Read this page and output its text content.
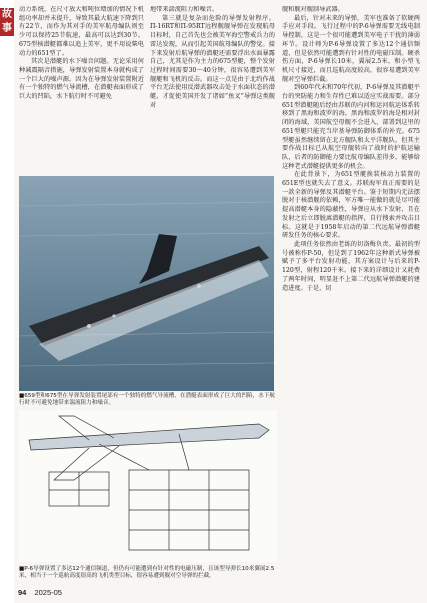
故事

动力系统，在尺寸放大和吨位增加的情况下机组功率却并未提升，导致其最大航速下降到只有22节，而作为其对手的美军航母编队则至少可以保持25节航速，最高可以达到30节。675型核潜艇都难以追上美军，更不用说柴电动力的651型了。

其次是潜艇的水下噪音问题。无论采用何种减震隔音措施，导弹发射装置本身就构成了一个巨大的噪声源。因为在导弹发射装置附近有一个独特的燃气导流槽，在潜艇表面形成了巨大的凹陷，水下航行时不可避免

地带来湍流阻力和噪音。

第三就是复杂而危险的导弹发射程序。П-16RT和П-95RT远程舰舰导弹在发现航母目标时，自己首先也会被美军海空警戒兵力的雷达发现，从而引起美国航母编队的警觉。接下来发射后航导弹的潜艇还需要浮出水面暴露自己，尤其是作为主力的675型艇，整个发射过程时间需要30～40分钟，很容易遭到美军舰艇和飞机的反击。而这一点是由于北约作战平台无法使用反潜武器攻击处于水面状态的潜艇，才促使美国开发了诸如“鱼叉”导弹这类舰对

舰和舰对舰制导武器。

最后，针对未来的导弹，美军也准备了软硬两手应对手段。飞行过程中的P-6导弹需要无线电制导控制，这是一个很可能遭到美军电子干扰的薄弱环节。设计师为P-6导弹设置了多达12个通信频道，但是依然可能遭到有针对性的电磁压制。硬杀伤方面，P-6导弹长10米，翼展2.5米，和小型飞机尺寸接近，而且巡航高度较高，很容易遭到美军舰对空导弹拦截。

到60年代末和70年代初，P-6导弹及其潜艇平台的突防能力和生存性已难以适应实战需要。部分651型潜艇随后经由苏联的内河和运河航运体系转移到了黑海和波罗的海。黑海和波罗的海是相对封闭的海域，美国航空母舰不会进入，部署到这里的651型艇只能充当岸基导弹防御体系的补充。675型艇虽然继续留在北方舰队和太平洋舰队，但其主要作战目标已从航空母舰转向了战时的护航运输队，后者的防御能力要比航母编队差得多，能够给这种老式潜艇提供更多的机会。

在此背景下，为651型艇换装核动力装置的651E型也就失去了意义。苏联海军真正需要的是一款全新的导弹及其潜艇平台。鉴于短期内无法摆脱对于核潜舰的依赖，军方唯一能做的就是尽可能提高潜艇本身的隐蔽性，导弹应从水下发射，且在发射之后立即脱离潜艇的指挥，自行搜索并攻击目标。这就是于1958年启动的第二代远航导弹潜艇研发任务的核心要求。

此项任务依然由老练的切洛梅负责。最初的型号被称作P-50，但是到了1962年这种新式导弹被赋予了多平台发射功能，其方案设计与后来的P-120型，射程120千米。接下来的详细设计又耗费了两年时间，明显赶不上第二代远航导弹潜艇的建造进度。于是，切

■659型和675型在导弹发射装置尾部有一个独特的燃气导流槽，在潜艇表面形成了巨大的凹陷，水下航行时不可避免地带来湍流阻力和噪音。
■P-6导弹设置了多达12个通信频道，但仍有可能遭到有针对性的电磁压制，且该型导弹长10米翼展2.5米，相当于一个巡航高度很高的飞机类型目标，很容易遭到舰对空导弹的拦截。
94 2025-05
